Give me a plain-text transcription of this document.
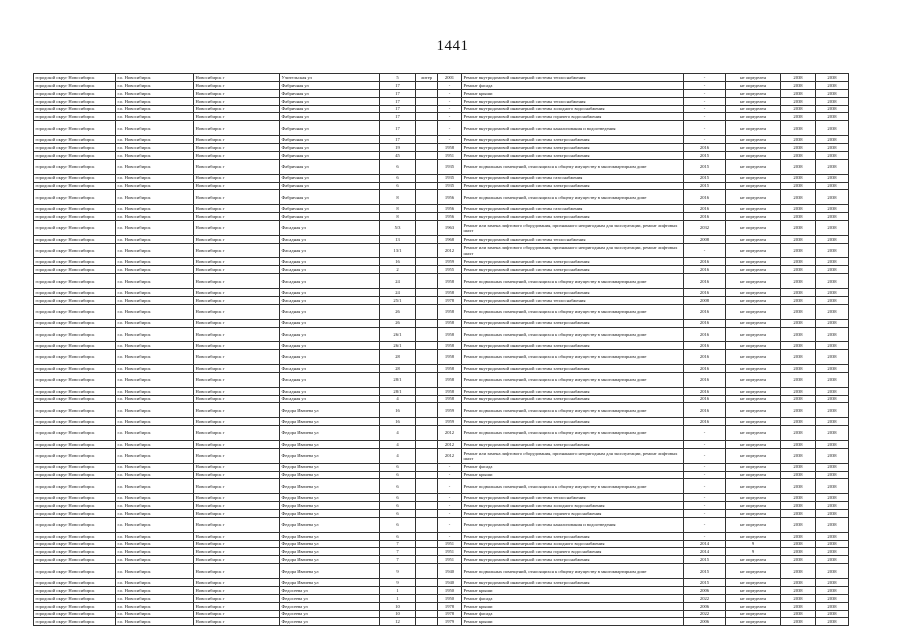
1441
городской округ Новосибирск	г.о. Новосибирск	Новосибирск г	Учительская ул	5	литер	2001	Ремонт внутридомовой инженерной системы теплоснабжения	-	не определен	2038	2038
городской округ Новосибирск	г.о. Новосибирск	Новосибирск г	Фабричная ул	17		-	Ремонт фасада	-	не определен	2038	2038
городской округ Новосибирск	г.о. Новосибирск	Новосибирск г	Фабричная ул	17		-	Ремонт крыши	-	не определен	2038	2038
городской округ Новосибирск	г.о. Новосибирск	Новосибирск г	Фабричная ул	17		-	Ремонт внутридомовой инженерной системы теплоснабжения	-	не определен	2038	2038
городской округ Новосибирск	г.о. Новосибирск	Новосибирск г	Фабричная ул	17		-	Ремонт внутридомовой инженерной системы холодного водоснабжения	-	не определен	2038	2038
городской округ Новосибирск	г.о. Новосибирск	Новосибирск г	Фабричная ул	17		-	Ремонт внутридомовой инженерной системы горячего водоснабжения	-	не определен	2038	2038
городской округ Новосибирск	г.о. Новосибирск	Новосибирск г	Фабричная ул	17		-	Ремонт внутридомовой инженерной системы канализования и водоотведения	-	не определен	2038	2038
городской округ Новосибирск	г.о. Новосибирск	Новосибирск г	Фабричная ул	17		-	Ремонт внутридомовой инженерной системы электроснабжения	-	не определен	2038	2038
городской округ Новосибирск	г.о. Новосибирск	Новосибирск г	Фабричная ул	19		1958	Ремонт внутридомовой инженерной системы электроснабжения	2016	не определен	2038	2038
городской округ Новосибирск	г.о. Новосибирск	Новосибирск г	Фабричная ул	45		1951	Ремонт внутридомовой инженерной системы электроснабжения	2015	не определен	2038	2038
городской округ Новосибирск	г.о. Новосибирск	Новосибирск г	Фабричная ул	6		1935	Ремонт подвальных помещений, относящихся к общему имуществу в многоквартирном доме	2015	не определен	2038	2038
городской округ Новосибирск	г.о. Новосибирск	Новосибирск г	Фабричная ул	6		1935	Ремонт внутридомовой инженерной системы газоснабжения	2015	не определен	2038	2038
городской округ Новосибирск	г.о. Новосибирск	Новосибирск г	Фабричная ул	6		1935	Ремонт внутридомовой инженерной системы электроснабжения	2015	не определен	2038	2038
городской округ Новосибирск	г.о. Новосибирск	Новосибирск г	Фабричная ул	8		1956	Ремонт подвальных помещений, относящихся к общему имуществу в многоквартирном доме	2016	не определен	2038	2038
городской округ Новосибирск	г.о. Новосибирск	Новосибирск г	Фабричная ул	8		1956	Ремонт внутридомовой инженерной системы газоснабжения	2016	не определен	2038	2038
городской округ Новосибирск	г.о. Новосибирск	Новосибирск г	Фабричная ул	8		1956	Ремонт внутридомовой инженерной системы электроснабжения	2016	не определен	2038	2038
городской округ Новосибирск	г.о. Новосибирск	Новосибирск г	Фасадная ул	5/3		1963	Ремонт или замена лифтового оборудования, признанного непригодным для эксплуатации, ремонт лифтовых шахт	2032	не определен	2038	2038
городской округ Новосибирск	г.о. Новосибирск	Новосибирск г	Фасадная ул	13		1968	Ремонт внутридомовой инженерной системы теплоснабжения	2008	не определен	2038	2038
городской округ Новосибирск	г.о. Новосибирск	Новосибирск г	Фасадная ул	13/1		2012	Ремонт или замена лифтового оборудования, признанного непригодным для эксплуатации, ремонт лифтовых шахт	-	не определен	2038	2038
городской округ Новосибирск	г.о. Новосибирск	Новосибирск г	Фасадная ул	16		1959	Ремонт внутридомовой инженерной системы электроснабжения	2016	не определен	2038	2038
городской округ Новосибирск	г.о. Новосибирск	Новосибирск г	Фасадная ул	2		1955	Ремонт внутридомовой инженерной системы электроснабжения	2016	не определен	2038	2038
городской округ Новосибирск	г.о. Новосибирск	Новосибирск г	Фасадная ул	24		1958	Ремонт подвальных помещений, относящихся к общему имуществу в многоквартирном доме	2016	не определен	2038	2038
городской округ Новосибирск	г.о. Новосибирск	Новосибирск г	Фасадная ул	24		1958	Ремонт внутридомовой инженерной системы электроснабжения	2016	не определен	2038	2038
городской округ Новосибирск	г.о. Новосибирск	Новосибирск г	Фасадная ул	25/1		1978	Ремонт внутридомовой инженерной системы теплоснабжения	2008	не определен	2038	2038
городской округ Новосибирск	г.о. Новосибирск	Новосибирск г	Фасадная ул	26		1958	Ремонт подвальных помещений, относящихся к общему имуществу в многоквартирном доме	2016	не определен	2038	2038
городской округ Новосибирск	г.о. Новосибирск	Новосибирск г	Фасадная ул	26		1958	Ремонт внутридомовой инженерной системы электроснабжения	2016	не определен	2038	2038
городской округ Новосибирск	г.о. Новосибирск	Новосибирск г	Фасадная ул	26/1		1958	Ремонт подвальных помещений, относящихся к общему имуществу в многоквартирном доме	2016	не определен	2038	2038
городской округ Новосибирск	г.о. Новосибирск	Новосибирск г	Фасадная ул	26/1		1958	Ремонт внутридомовой инженерной системы электроснабжения	2016	не определен	2038	2038
городской округ Новосибирск	г.о. Новосибирск	Новосибирск г	Фасадная ул	28		1958	Ремонт подвальных помещений, относящихся к общему имуществу в многоквартирном доме	2016	не определен	2038	2038
городской округ Новосибирск	г.о. Новосибирск	Новосибирск г	Фасадная ул	28		1958	Ремонт внутридомовой инженерной системы электроснабжения	2016	не определен	2038	2038
городской округ Новосибирск	г.о. Новосибирск	Новосибирск г	Фасадная ул	28/1		1958	Ремонт подвальных помещений, относящихся к общему имуществу в многоквартирном доме	2016	не определен	2038	2038
городской округ Новосибирск	г.о. Новосибирск	Новосибирск г	Фасадная ул	28/1		1958	Ремонт внутридомовой инженерной системы электроснабжения	2016	не определен	2038	2038
городской округ Новосибирск	г.о. Новосибирск	Новосибирск г	Фасадная ул	4		1958	Ремонт внутридомовой инженерной системы электроснабжения	2016	не определен	2038	2038
городской округ Новосибирск	г.о. Новосибирск	Новосибирск г	Федора Ивачева ул	16		1959	Ремонт подвальных помещений, относящихся к общему имуществу в многоквартирном доме	2016	не определен	2038	2038
городской округ Новосибирск	г.о. Новосибирск	Новосибирск г	Федора Ивачева ул	16		1959	Ремонт внутридомовой инженерной системы электроснабжения	2016	не определен	2038	2038
городской округ Новосибирск	г.о. Новосибирск	Новосибирск г	Федора Ивачева ул	4		2012	Ремонт подвальных помещений, относящихся к общему имуществу в многоквартирном доме	-	не определен	2038	2038
городской округ Новосибирск	г.о. Новосибирск	Новосибирск г	Федора Ивачева ул	4		2012	Ремонт внутридомовой инженерной системы электроснабжения	-	не определен	2038	2038
городской округ Новосибирск	г.о. Новосибирск	Новосибирск г	Федора Ивачева ул	4		2012	Ремонт или замена лифтового оборудования, признанного непригодным для эксплуатации, ремонт лифтовых шахт	-	не определен	2038	2038
городской округ Новосибирск	г.о. Новосибирск	Новосибирск г	Федора Ивачева ул	6		-	Ремонт фасада	-	не определен	2038	2038
городской округ Новосибирск	г.о. Новосибирск	Новосибирск г	Федора Ивачева ул	6		-	Ремонт крыши	-	не определен	2038	2038
городской округ Новосибирск	г.о. Новосибирск	Новосибирск г	Федора Ивачева ул	6		-	Ремонт подвальных помещений, относящихся к общему имуществу в многоквартирном доме	-	не определен	2038	2038
городской округ Новосибирск	г.о. Новосибирск	Новосибирск г	Федора Ивачева ул	6		-	Ремонт внутридомовой инженерной системы теплоснабжения	-	не определен	2038	2038
городской округ Новосибирск	г.о. Новосибирск	Новосибирск г	Федора Ивачева ул	6		-	Ремонт внутридомовой инженерной системы холодного водоснабжения	-	не определен	2038	2038
городской округ Новосибирск	г.о. Новосибирск	Новосибирск г	Федора Ивачева ул	6		-	Ремонт внутридомовой инженерной системы горячего водоснабжения	-	не определен	2038	2038
городской округ Новосибирск	г.о. Новосибирск	Новосибирск г	Федора Ивачева ул	6		-	Ремонт внутридомовой инженерной системы канализования и водоотведения	-	не определен	2038	2038
городской округ Новосибирск	г.о. Новосибирск	Новосибирск г	Федора Ивачева ул	6		-	Ремонт внутридомовой инженерной системы электроснабжения	-	не определен	2038	2038
городской округ Новосибирск	г.о. Новосибирск	Новосибирск г	Федора Ивачева ул	7		1951	Ремонт внутридомовой инженерной системы холодного водоснабжения	2014	9	2038	2038
городской округ Новосибирск	г.о. Новосибирск	Новосибирск г	Федора Ивачева ул	7		1951	Ремонт внутридомовой инженерной системы горячего водоснабжения	2014	9	2038	2038
городской округ Новосибирск	г.о. Новосибирск	Новосибирск г	Федора Ивачева ул	7		1951	Ремонт внутридомовой инженерной системы электроснабжения	2015	не определен	2038	2038
городской округ Новосибирск	г.о. Новосибирск	Новосибирск г	Федора Ивачева ул	9		1940	Ремонт подвальных помещений, относящихся к общему имуществу в многоквартирном доме	2015	не определен	2038	2038
городской округ Новосибирск	г.о. Новосибирск	Новосибирск г	Федора Ивачева ул	9		1940	Ремонт внутридомовой инженерной системы электроснабжения	2015	не определен	2038	2038
городской округ Новосибирск	г.о. Новосибирск	Новосибирск г	Федосеева ул	1		1950	Ремонт крыши	2006	не определен	2038	2038
городской округ Новосибирск	г.о. Новосибирск	Новосибирск г	Федосеева ул	1		1950	Ремонт фасада	2022	не определен	2038	2038
городской округ Новосибирск	г.о. Новосибирск	Новосибирск г	Федосеева ул	10		1978	Ремонт крыши	2006	не определен	2038	2038
городской округ Новосибирск	г.о. Новосибирск	Новосибирск г	Федосеева ул	10		1978	Ремонт фасада	2022	не определен	2038	2038
городской округ Новосибирск	г.о. Новосибирск	Новосибирск г	Федосеева ул	12		1979	Ремонт крыши	2006	не определен	2038	2038
